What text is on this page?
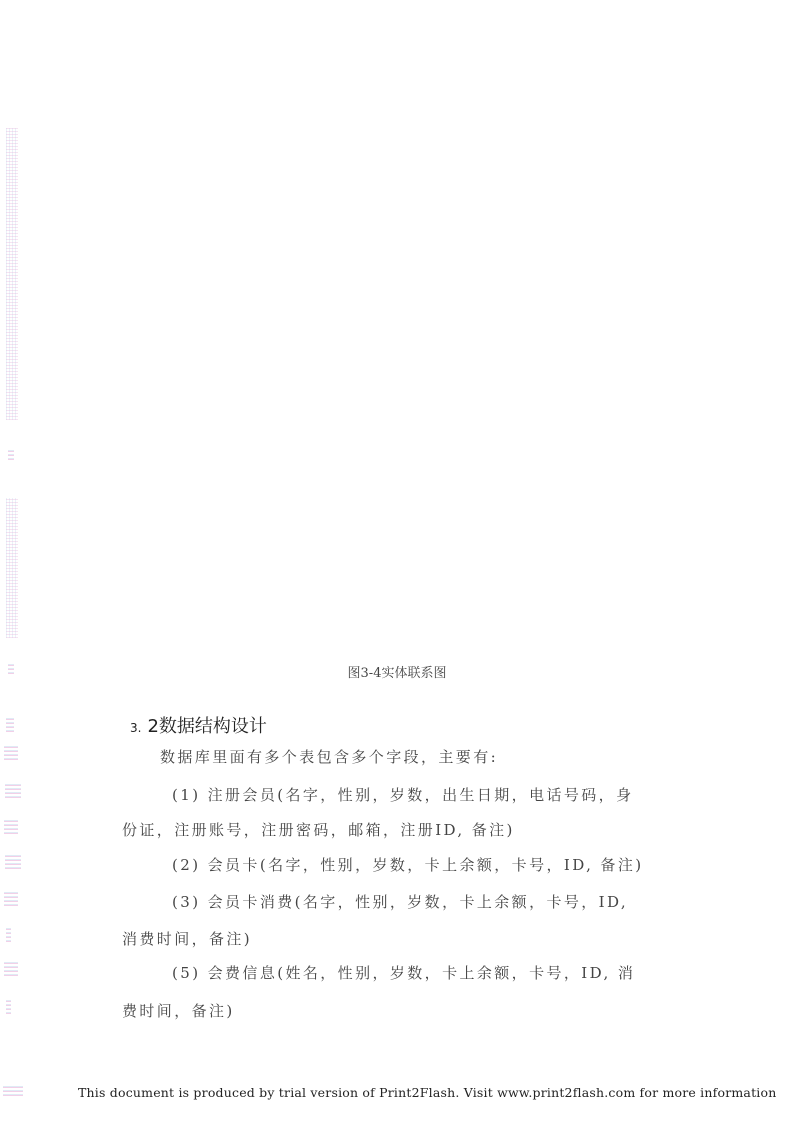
图3-4实体联系图
3. 2数据结构设计
数据库里面有多个表包含多个字段，主要有:
(1) 注册会员(名字，性别，岁数，出生日期，电话号码，身
份证，注册账号，注册密码，邮箱，注册ID, 备注)
(2) 会员卡(名字，性别，岁数，卡上余额，卡号，ID, 备注)
(3) 会员卡消费(名字，性别，岁数，卡上余额，卡号，ID,
消费时间，备注)
(5) 会费信息(姓名，性别，岁数，卡上余额，卡号，ID, 消
费时间，备注)
This document is produced by trial version of Print2Flash. Visit www.print2flash.com for more information
